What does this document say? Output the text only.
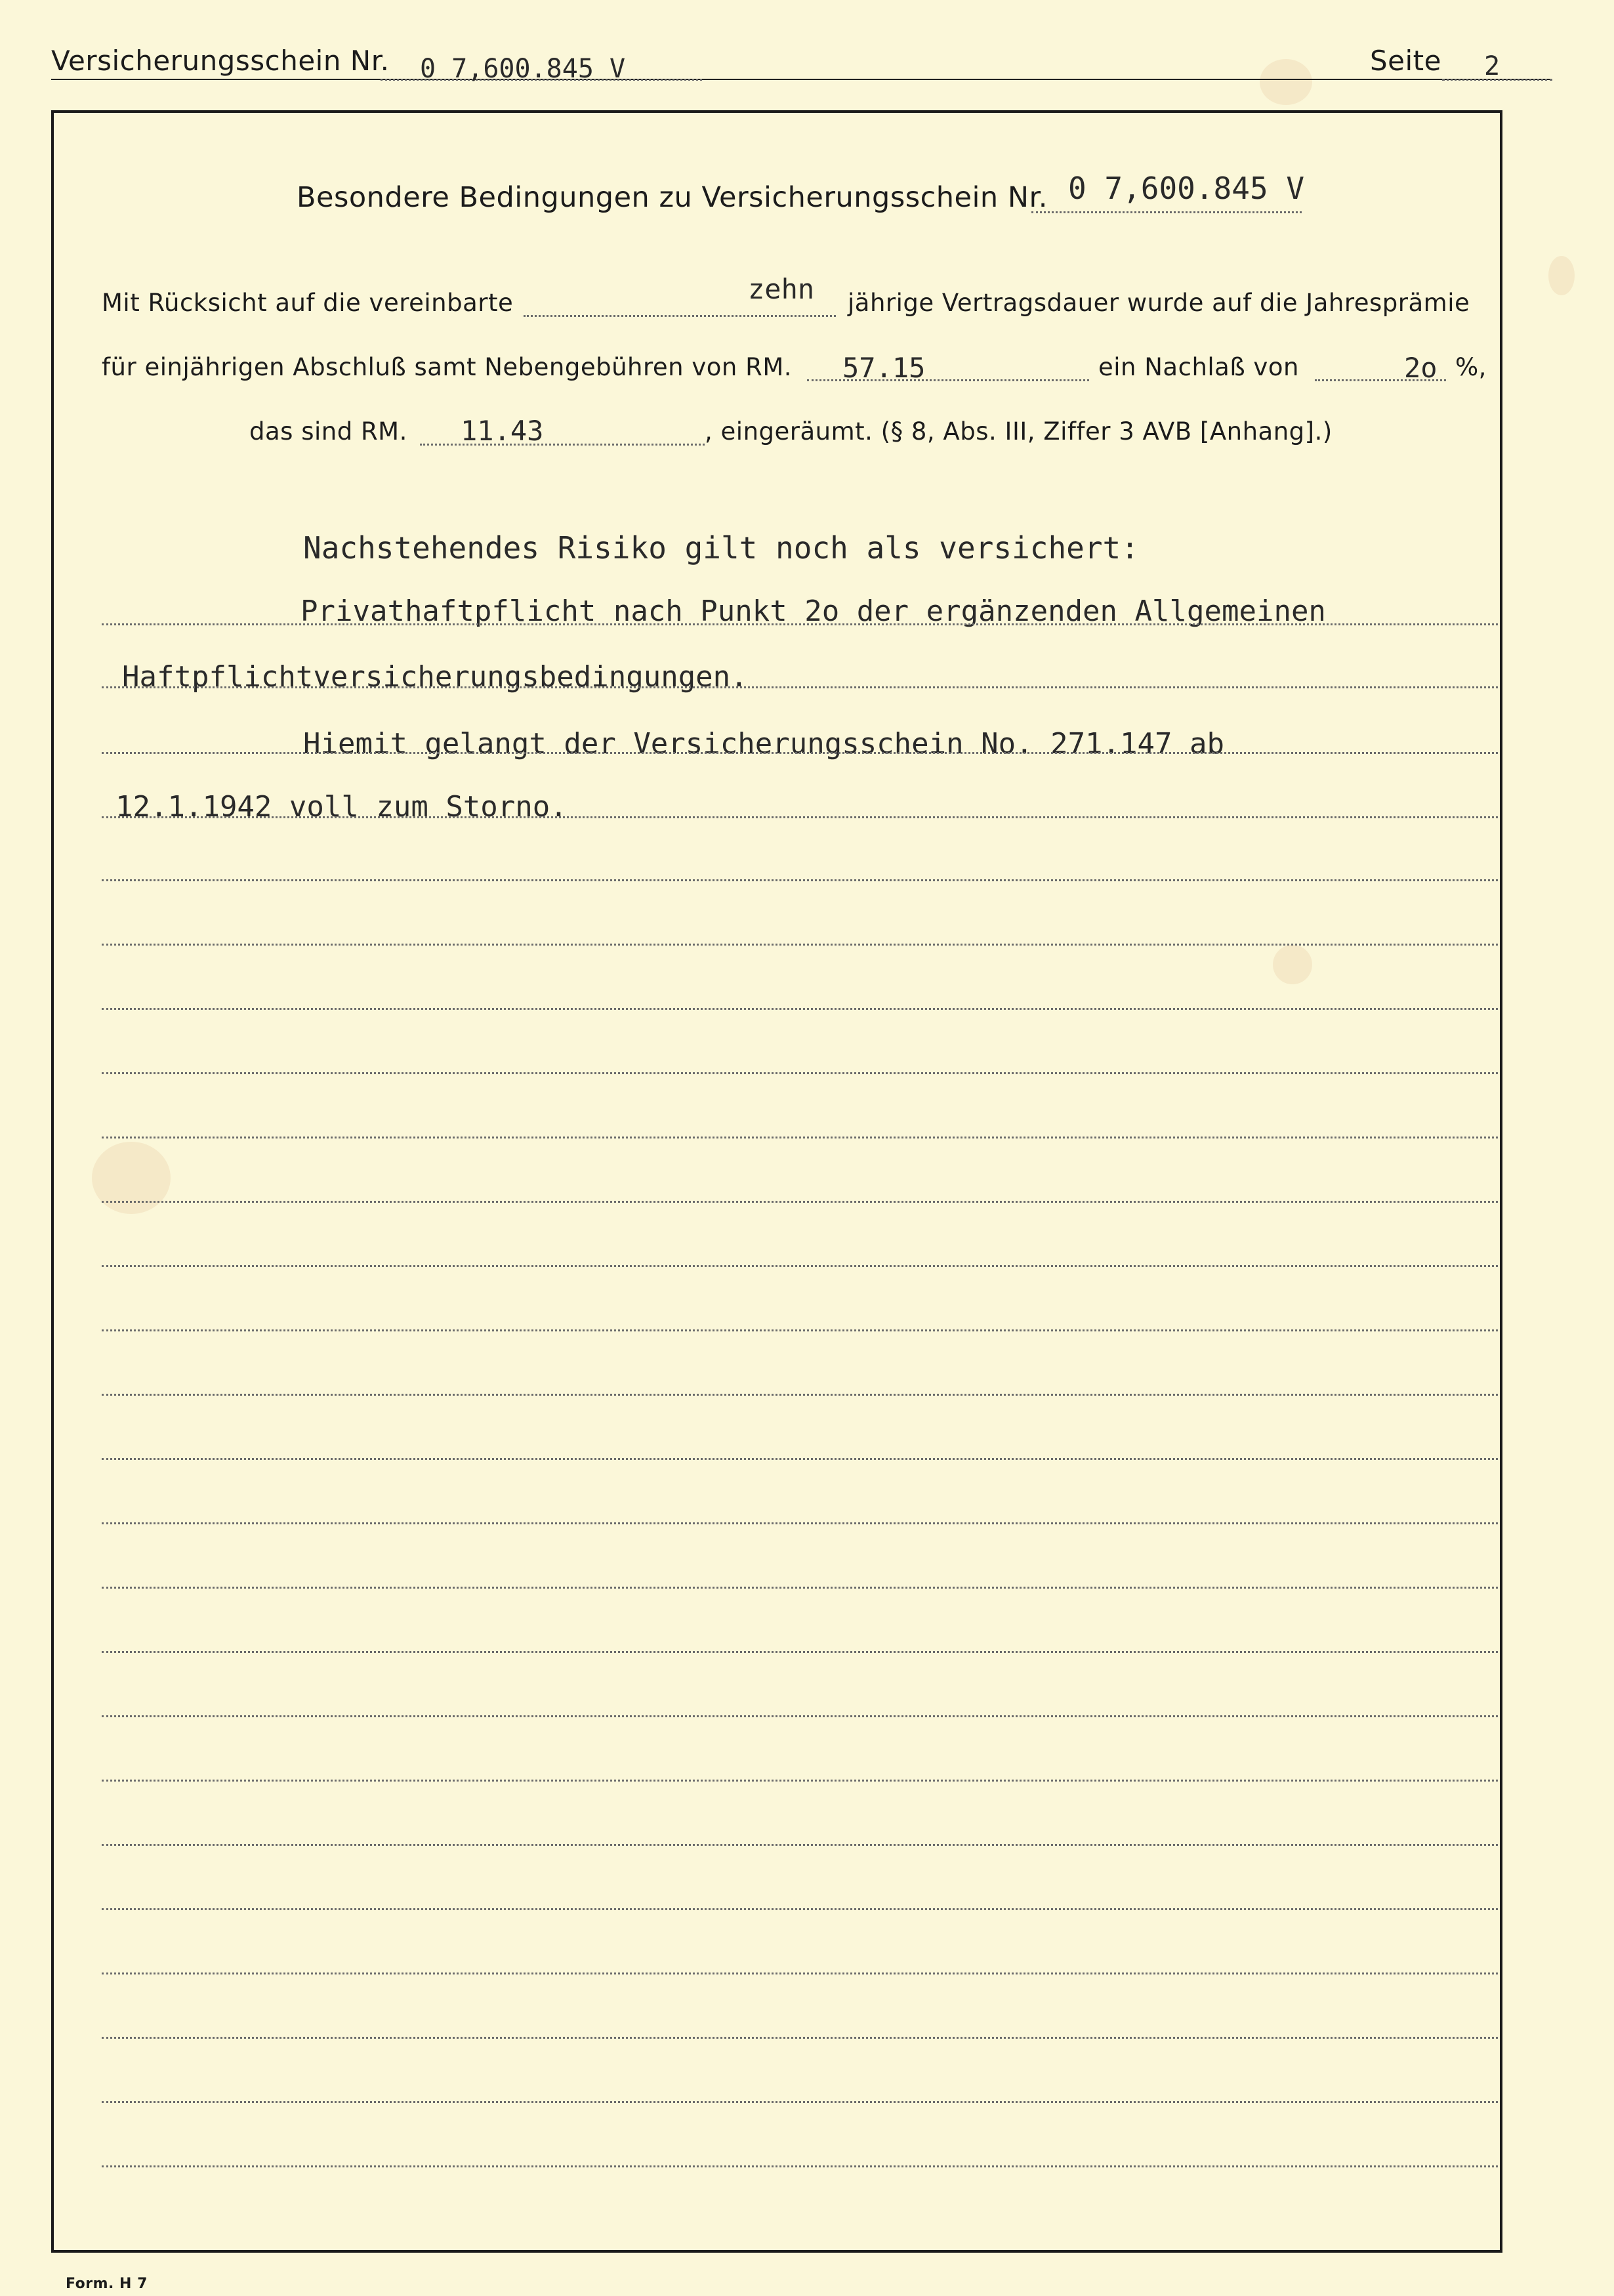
Versicherungsschein Nr. 0 7,600.845 V	Seite 2
Besondere Bedingungen zu Versicherungsschein Nr. 0 7,600.845 V
Mit Rücksicht auf die vereinbarte	zehn jährige Vertragsdauer wurde auf die Jahresprämie
für einjährigen Abschluß samt Nebengebühren von RM. 57.15	ein Nachlaß von	2o %,
das sind RM. 11.43	, eingeräumt. (§ 8, Abs. III, Ziffer 3 AVB [Anhang].)
Nachstehendes Risiko gilt noch als versichert:
Privathaftpflicht nach Punkt 2o der ergänzenden Allgemeinen
Haftpflichtversicherungsbedingungen.
Hiemit gelangt der Versicherungsschein No. 271.147 ab
12.1.1942 voll zum Storno.
Form. H 7
